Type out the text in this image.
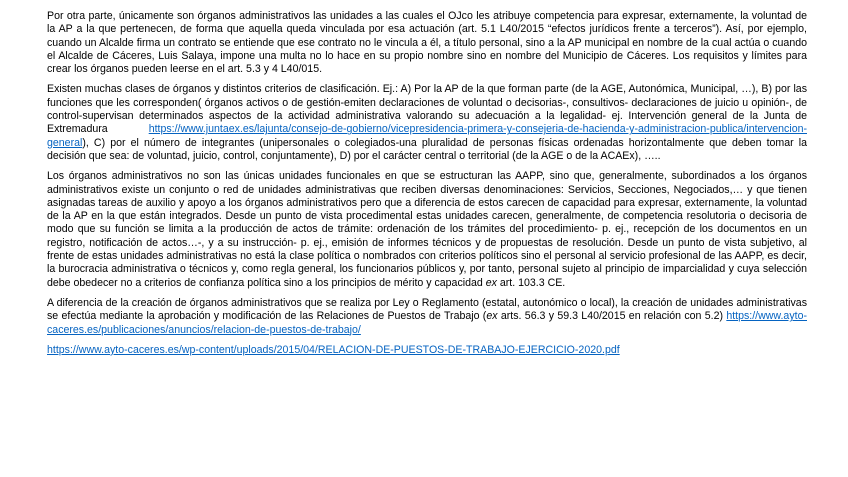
Por otra parte, únicamente son órganos administrativos las unidades a las cuales el OJco les atribuye competencia para expresar, externamente, la voluntad de la AP a la que pertenecen, de forma que aquella queda vinculada por esa actuación (art. 5.1 L40/2015 “efectos jurídicos frente a terceros”). Así, por ejemplo, cuando un Alcalde firma un contrato se entiende que ese contrato no le vincula a él, a título personal, sino a la AP municipal en nombre de la cual actúa o cuando el Alcalde de Cáceres, Luis Salaya, impone una multa no lo hace en su propio nombre sino en nombre del Municipio de Cáceres. Los requisitos y límites para crear los órganos pueden leerse en el art. 5.3 y 4 L40/015.

Existen muchas clases de órganos y distintos criterios de clasificación. Ej.: A) Por la AP de la que forman parte (de la AGE, Autonómica, Municipal, …), B) por las funciones que les corresponden( órganos activos o de gestión-emiten declaraciones de voluntad o decisorias-, consultivos- declaraciones de juicio u opinión-, de control-supervisan determinados aspectos de la actividad administrativa valorando su adecuación a la legalidad- ej. Intervención general de la Junta de Extremadura https://www.juntaex.es/lajunta/consejo-de-gobierno/vicepresidencia-primera-y-consejeria-de-hacienda-y-administracion-publica/intervencion-general), C) por el número de integrantes (unipersonales o colegiados-una pluralidad de personas físicas ordenadas horizontalmente que deben tomar la decisión que sea: de voluntad, juicio, control, conjuntamente), D) por el carácter central o territorial (de la AGE o de la ACAEx), …..

Los órganos administrativos no son las únicas unidades funcionales en que se estructuran las AAPP, sino que, generalmente, subordinados a los órganos administrativos existe un conjunto o red de unidades administrativas que reciben diversas denominaciones: Servicios, Secciones, Negociados,… y que tienen asignadas tareas de auxilio y apoyo a los órganos administrativos pero que a diferencia de estos carecen de capacidad para expresar, externamente, la voluntad de la AP en la que están integrados. Desde un punto de vista procedimental estas unidades carecen, generalmente, de competencia resolutoria o decisoria de modo que su función se limita a la producción de actos de trámite: ordenación de los trámites del procedimiento- p. ej., recepción de los documentos en un registro, notificación de actos…-, y a su instrucción- p. ej., emisión de informes técnicos y de propuestas de resolución. Desde un punto de vista subjetivo, al frente de estas unidades administrativas no está la clase política o nombrados con criterios políticos sino el personal al servicio profesional de las AAPP, es decir, la burocracia administrativa o técnicos y, como regla general, los funcionarios públicos y, por tanto, personal sujeto al principio de imparcialidad y cuya selección debe obedecer no a criterios de confianza política sino a los principios de mérito y capacidad ex art. 103.3 CE.

A diferencia de la creación de órganos administrativos que se realiza por Ley o Reglamento (estatal, autonómico o local), la creación de unidades administrativas se efectúa mediante la aprobación y modificación de las Relaciones de Puestos de Trabajo (ex arts. 56.3 y 59.3 L40/2015 en relación con 5.2) https://www.ayto-caceres.es/publicaciones/anuncios/relacion-de-puestos-de-trabajo/

https://www.ayto-caceres.es/wp-content/uploads/2015/04/RELACION-DE-PUESTOS-DE-TRABAJO-EJERCICIO-2020.pdf
